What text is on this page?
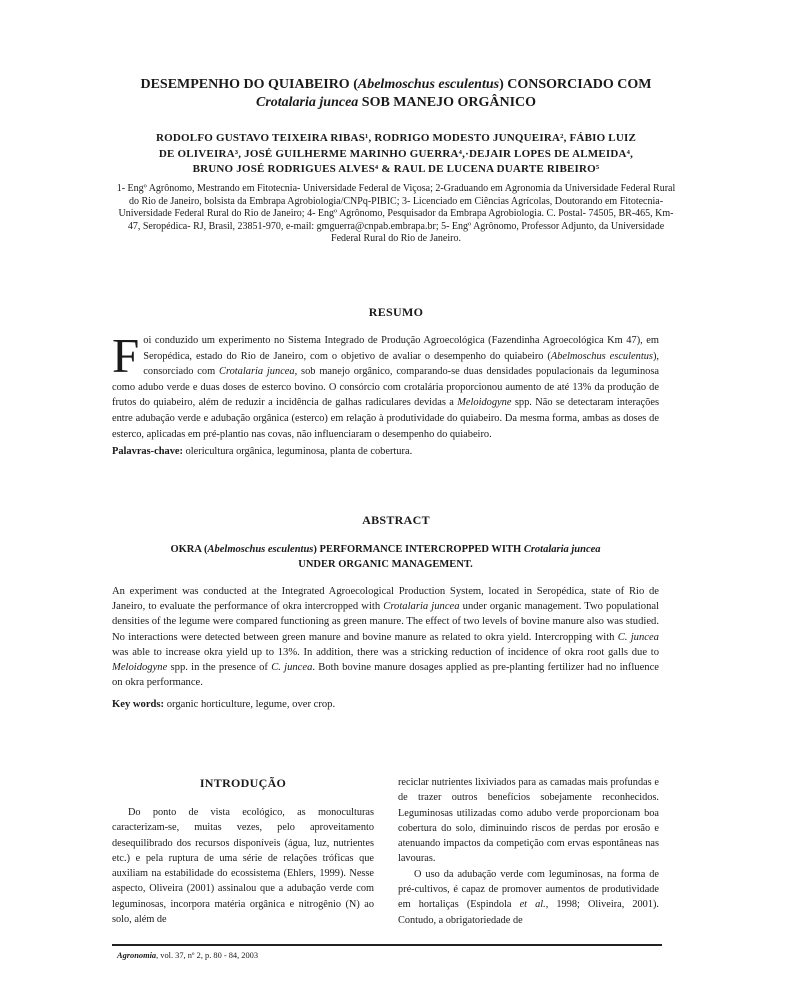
DESEMPENHO DO QUIABEIRO (Abelmoschus esculentus) CONSORCIADO COM
Crotalaria juncea SOB MANEJO ORGÂNICO
RODOLFO GUSTAVO TEIXEIRA RIBAS¹, RODRIGO MODESTO JUNQUEIRA², FÁBIO LUIZ
DE OLIVEIRA³, JOSÉ GUILHERME MARINHO GUERRA⁴,·DEJAIR LOPES DE ALMEIDA⁴,
BRUNO JOSÉ RODRIGUES ALVES⁴ & RAUL DE LUCENA DUARTE RIBEIRO⁵
1- Engº Agrônomo, Mestrando em Fitotecnia- Universidade Federal de Viçosa; 2-Graduando em Agronomia da Universidade Federal Rural do Rio de Janeiro, bolsista da Embrapa Agrobiologia/CNPq-PIBIC; 3- Licenciado em Ciências Agrícolas, Doutorando em Fitotecnia- Universidade Federal Rural do Rio de Janeiro; 4- Engº Agrônomo, Pesquisador da Embrapa Agrobiologia. C. Postal- 74505, BR-465, Km-47, Seropédica- RJ, Brasil, 23851-970, e-mail: gmguerra@cnpab.embrapa.br; 5- Engº Agrônomo, Professor Adjunto, da Universidade Federal Rural do Rio de Janeiro.
RESUMO
Foi conduzido um experimento no Sistema Integrado de Produção Agroecológica (Fazendinha Agroecológica Km 47), em Seropédica, estado do Rio de Janeiro, com o objetivo de avaliar o desempenho do quiabeiro (Abelmoschus esculentus), consorciado com Crotalaria juncea, sob manejo orgânico, comparando-se duas densidades populacionais da leguminosa como adubo verde e duas doses de esterco bovino. O consórcio com crotalária proporcionou aumento de até 13% da produção de frutos do quiabeiro, além de reduzir a incidência de galhas radiculares devidas a Meloidogyne spp. Não se detectaram interações entre adubação verde e adubação orgânica (esterco) em relação à produtividade do quiabeiro. Da mesma forma, ambas as doses de esterco, aplicadas em pré-plantio nas covas, não influenciaram o desempenho do quiabeiro.
Palavras-chave: olericultura orgânica, leguminosa, planta de cobertura.
ABSTRACT
OKRA (Abelmoschus esculentus) PERFORMANCE INTERCROPPED WITH Crotalaria juncea
UNDER ORGANIC MANAGEMENT.
An experiment was conducted at the Integrated Agroecological Production System, located in Seropédica, state of Rio de Janeiro, to evaluate the performance of okra intercropped with Crotalaria juncea under organic management. Two populational densities of the legume were compared functioning as green manure. The effect of two levels of bovine manure also was studied. No interactions were detected between green manure and bovine manure as related to okra yield. Intercropping with C. juncea was able to increase okra yield up to 13%. In addition, there was a stricking reduction of incidence of okra root galls due to Meloidogyne spp. in the presence of C. juncea. Both bovine manure dosages applied as pre-planting fertilizer had no influence on okra performance.
Key words: organic horticulture, legume, over crop.
INTRODUÇÃO

Do ponto de vista ecológico, as monoculturas caracterizam-se, muitas vezes, pelo aproveitamento desequilibrado dos recursos disponíveis (água, luz, nutrientes etc.) e pela ruptura de uma série de relações tróficas que auxiliam na estabilidade do ecossistema (Ehlers, 1999). Nesse aspecto, Oliveira (2001) assinalou que a adubação verde com leguminosas, incorpora matéria orgânica e nitrogênio (N) ao solo, além de

reciclar nutrientes lixiviados para as camadas mais profundas e de trazer outros benefícios sobejamente reconhecidos. Leguminosas utilizadas como adubo verde proporcionam boa cobertura do solo, diminuindo riscos de perdas por erosão e atenuando impactos da competição com ervas espontâneas nas lavouras.

O uso da adubação verde com leguminosas, na forma de pré-cultivos, é capaz de promover aumentos de produtividade em hortaliças (Espindola et al., 1998; Oliveira, 2001). Contudo, a obrigatoriedade de

Agronomia, vol. 37, nº 2, p. 80 - 84, 2003
